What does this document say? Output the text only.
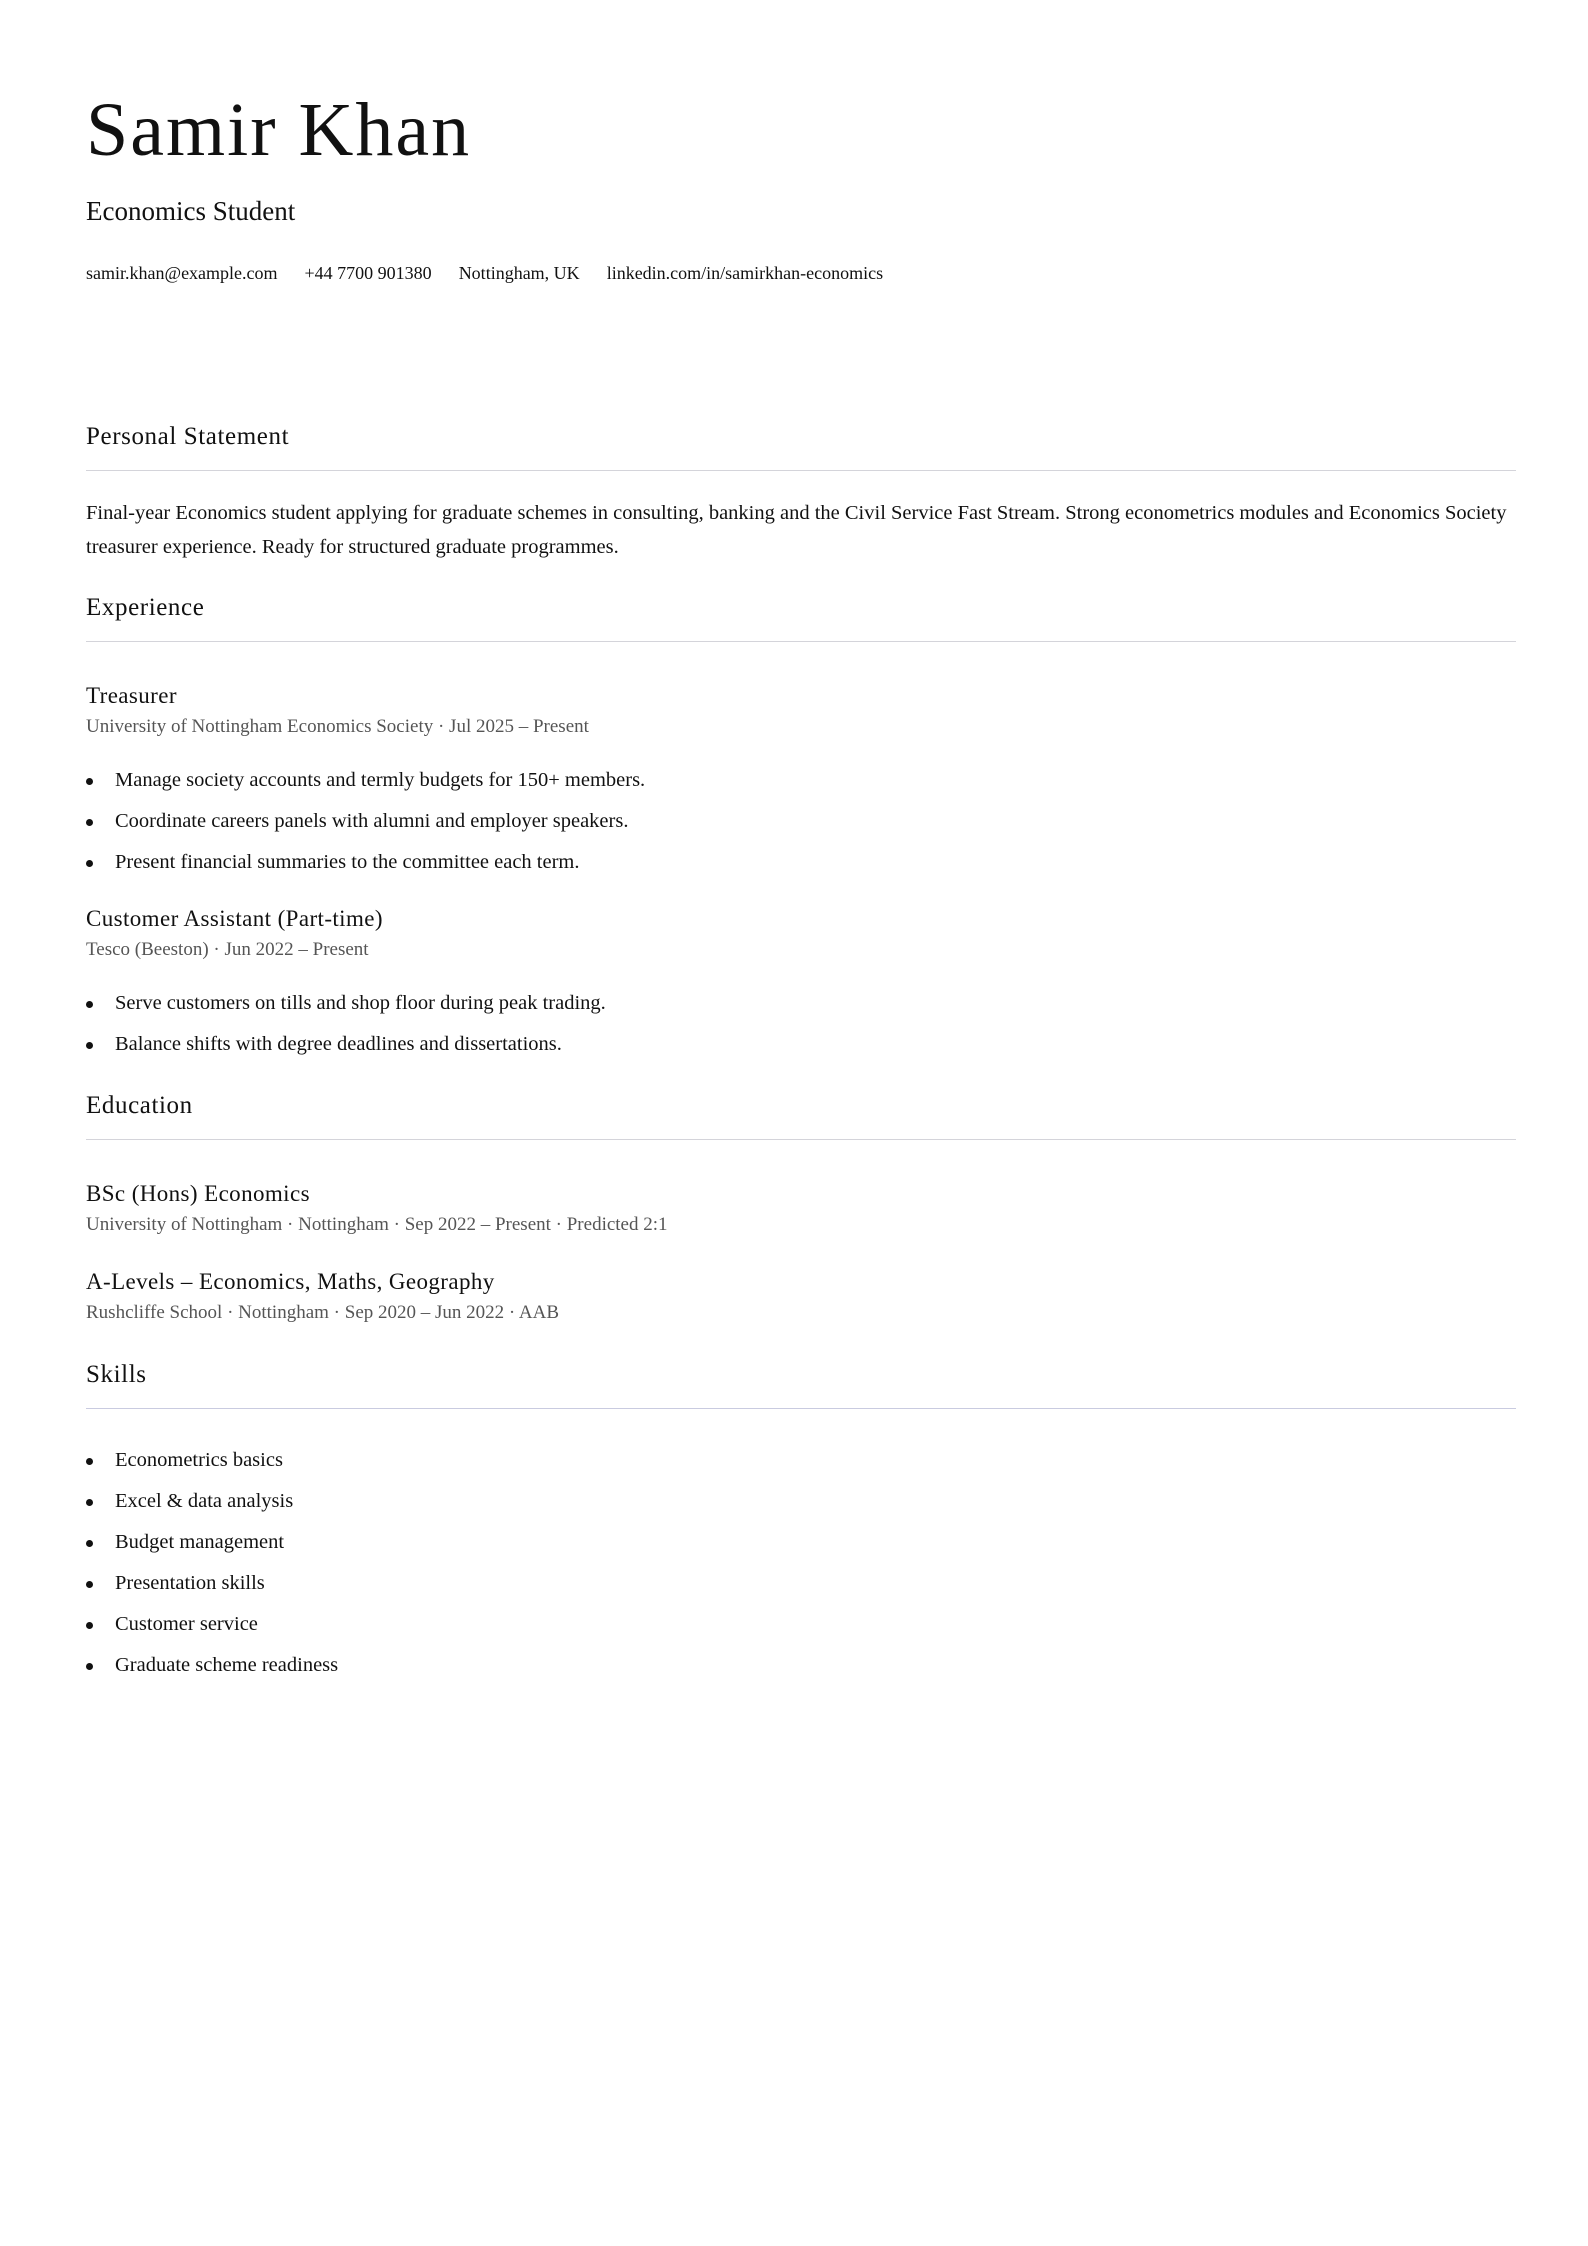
Samir Khan
Economics Student
samir.khan@example.com +44 7700 901380 Nottingham, UK linkedin.com/in/samirkhan-economics
Personal Statement
Final-year Economics student applying for graduate schemes in consulting, banking and the Civil Service Fast Stream. Strong econometrics modules and Economics Society treasurer experience. Ready for structured graduate programmes.
Experience
Treasurer
University of Nottingham Economics Society · Jul 2025 – Present
Manage society accounts and termly budgets for 150+ members.
Coordinate careers panels with alumni and employer speakers.
Present financial summaries to the committee each term.
Customer Assistant (Part-time)
Tesco (Beeston) · Jun 2022 – Present
Serve customers on tills and shop floor during peak trading.
Balance shifts with degree deadlines and dissertations.
Education
BSc (Hons) Economics
University of Nottingham · Nottingham · Sep 2022 – Present · Predicted 2:1
A-Levels – Economics, Maths, Geography
Rushcliffe School · Nottingham · Sep 2020 – Jun 2022 · AAB
Skills
Econometrics basics
Excel & data analysis
Budget management
Presentation skills
Customer service
Graduate scheme readiness
